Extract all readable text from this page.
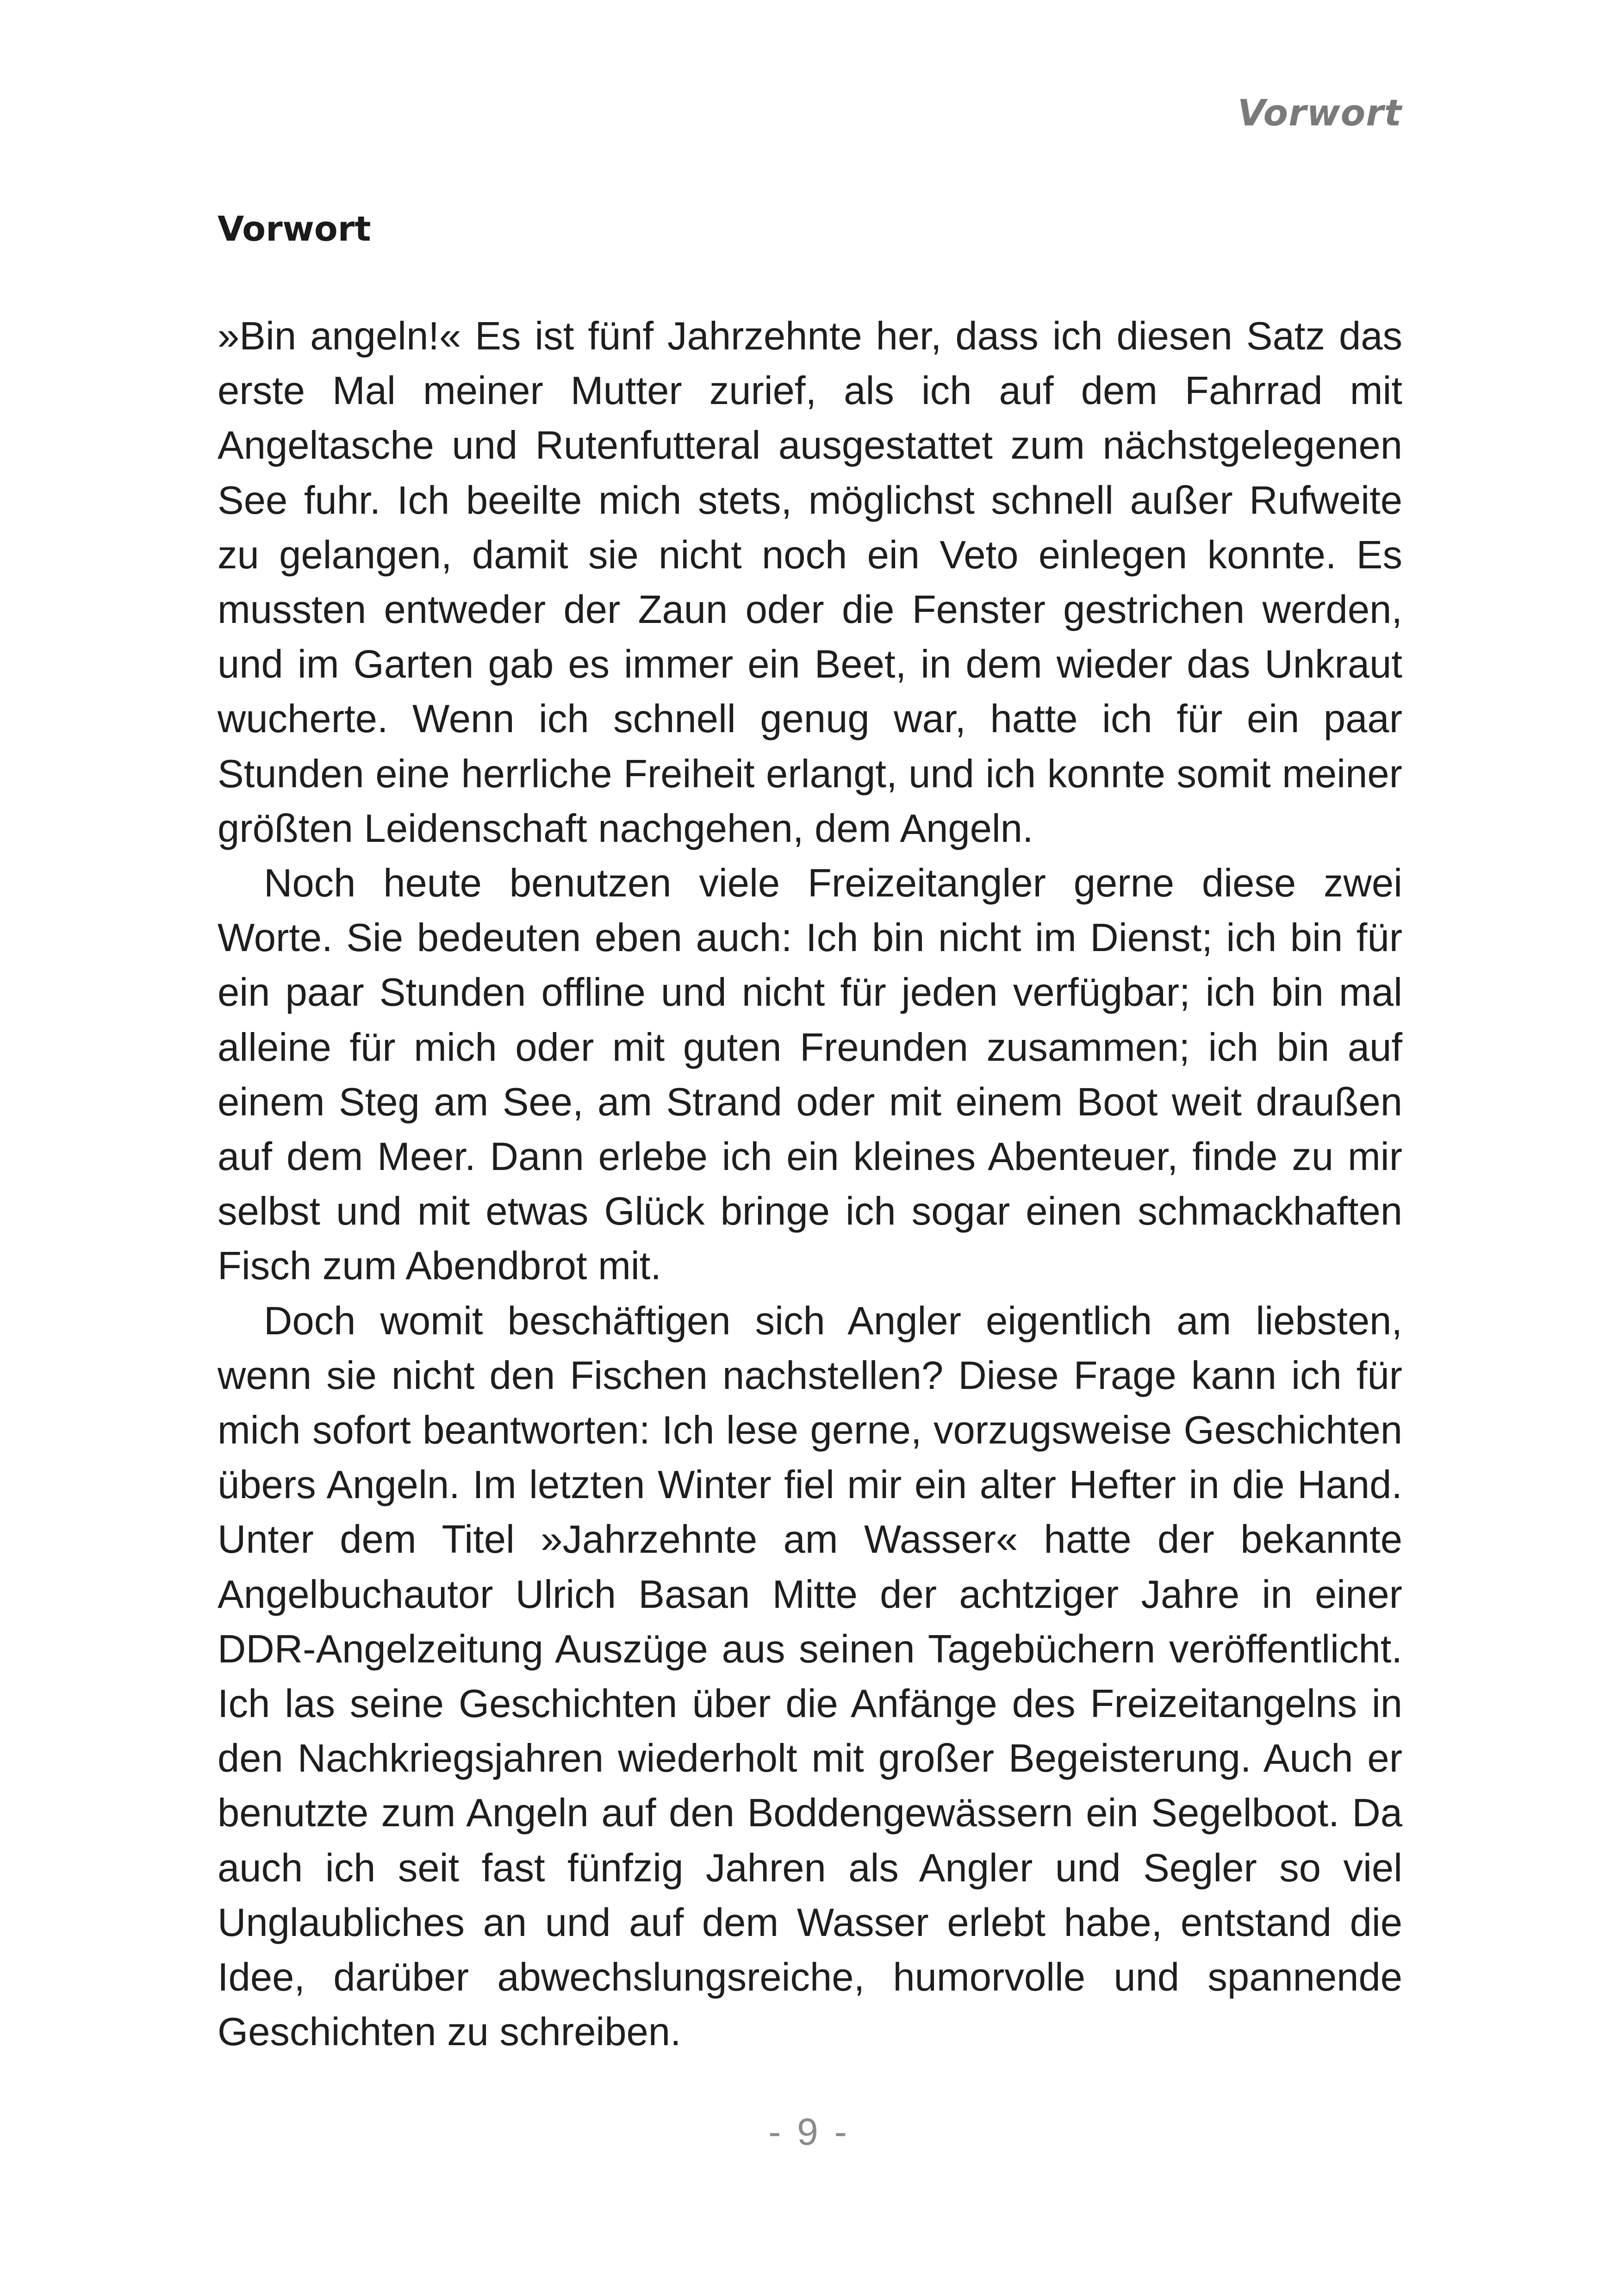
Vorwort
Vorwort

»Bin angeln!« Es ist fünf Jahrzehnte her, dass ich diesen Satz das erste Mal meiner Mutter zurief, als ich auf dem Fahrrad mit Angeltasche und Rutenfutteral ausgestattet zum nächstgelegenen See fuhr. Ich beeilte mich stets, möglichst schnell außer Rufweite zu gelangen, damit sie nicht noch ein Veto einlegen konnte. Es mussten entweder der Zaun oder die Fenster gestrichen werden, und im Garten gab es immer ein Beet, in dem wieder das Unkraut wucherte. Wenn ich schnell genug war, hatte ich für ein paar Stunden eine herrliche Freiheit erlangt, und ich konnte somit meiner größten Leidenschaft nachgehen, dem Angeln.

Noch heute benutzen viele Freizeitangler gerne diese zwei Worte. Sie bedeuten eben auch: Ich bin nicht im Dienst; ich bin für ein paar Stunden offline und nicht für jeden verfügbar; ich bin mal alleine für mich oder mit guten Freunden zusammen; ich bin auf einem Steg am See, am Strand oder mit einem Boot weit draußen auf dem Meer. Dann erlebe ich ein kleines Abenteuer, finde zu mir selbst und mit etwas Glück bringe ich sogar einen schmackhaften Fisch zum Abendbrot mit.

Doch womit beschäftigen sich Angler eigentlich am liebsten, wenn sie nicht den Fischen nachstellen? Diese Frage kann ich für mich sofort beantworten: Ich lese gerne, vorzugsweise Geschichten übers Angeln. Im letzten Winter fiel mir ein alter Hefter in die Hand. Unter dem Titel »Jahrzehnte am Wasser« hatte der bekannte Angelbuchautor Ulrich Basan Mitte der achtziger Jahre in einer DDR-Angelzeitung Auszüge aus seinen Tagebüchern veröffentlicht. Ich las seine Geschichten über die Anfänge des Freizeitangelns in den Nachkriegsjahren wiederholt mit großer Begeisterung. Auch er benutzte zum Angeln auf den Boddengewässern ein Segelboot. Da auch ich seit fast fünfzig Jahren als Angler und Segler so viel Unglaubliches an und auf dem Wasser erlebt habe, entstand die Idee, darüber abwechslungsreiche, humorvolle und spannende Geschichten zu schreiben.

- 9 -
